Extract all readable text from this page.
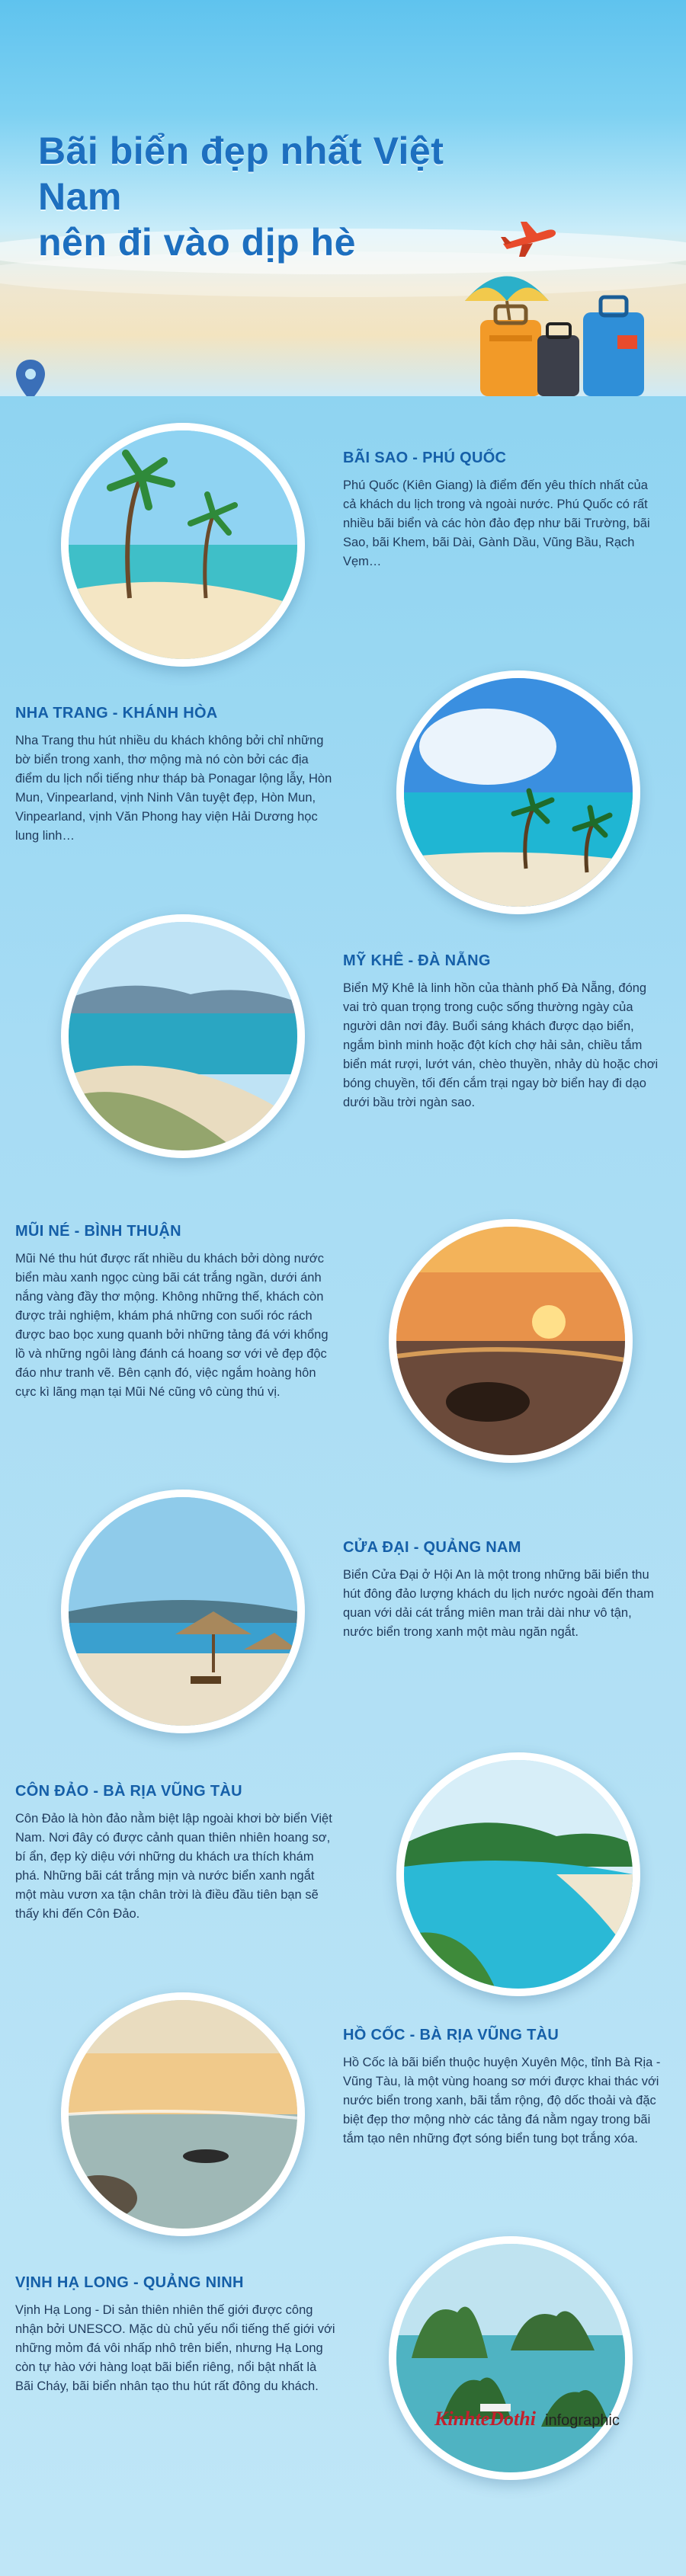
Bãi biển đẹp nhất Việt Nam
nên đi vào dịp hè
BÃI SAO - PHÚ QUỐC
Phú Quốc (Kiên Giang) là điểm đến yêu thích nhất của cả khách du lịch trong và ngoài nước. Phú Quốc có rất nhiều bãi biển và các hòn đảo đẹp như bãi Trường, bãi Sao, bãi Khem, bãi Dài, Gành Dầu, Vũng Bầu, Rạch Vẹm…
NHA TRANG - KHÁNH HÒA
Nha Trang thu hút nhiều du khách không bởi chỉ những bờ biển trong xanh, thơ mộng mà nó còn bởi các địa điểm du lịch nổi tiếng như tháp bà Ponagar lộng lẫy, Hòn Mun, Vinpearland, vịnh Ninh Vân tuyệt đẹp, Hòn Mun, Vinpearland, vịnh Văn Phong hay viện Hải Dương học lung linh…
MỸ KHÊ - ĐÀ NẴNG
Biển Mỹ Khê là linh hồn của thành phố Đà Nẵng, đóng vai trò quan trọng trong cuộc sống thường ngày của người dân nơi đây. Buổi sáng khách được dạo biển, ngắm bình minh hoặc đột kích chợ hải sản, chiều tắm biển mát rượi, lướt ván, chèo thuyền, nhảy dù hoặc chơi bóng chuyền, tối đến cắm trại ngay bờ biển hay đi dạo dưới bầu trời ngàn sao.
MŨI NÉ - BÌNH THUẬN
Mũi Né thu hút được rất nhiều du khách bởi dòng nước biển màu xanh ngọc cùng bãi cát trắng ngần, dưới ánh nắng vàng đầy thơ mộng. Không những thế, khách còn được trải nghiệm, khám phá những con suối róc rách được bao bọc xung quanh bởi những tảng đá với khổng lồ và những ngôi làng đánh cá hoang sơ với vẻ đẹp độc đáo như tranh vẽ. Bên cạnh đó, việc ngắm hoàng hôn cực kì lãng mạn tại Mũi Né cũng vô cùng thú vị.
CỬA ĐẠI - QUẢNG NAM
Biển Cửa Đại ở Hội An là một trong những bãi biển thu hút đông đảo lượng khách du lịch nước ngoài đến tham quan với dải cát trắng miên man trải dài như vô tận, nước biển trong xanh một màu ngăn ngắt.
CÔN ĐẢO - BÀ RỊA VŨNG TÀU
Côn Đảo là hòn đảo nằm biệt lập ngoài khơi bờ biển Việt Nam. Nơi đây có được cảnh quan thiên nhiên hoang sơ, bí ẩn, đẹp kỳ diệu với những du khách ưa thích khám phá. Những bãi cát trắng mịn và nước biển xanh ngắt một màu vươn xa tận chân trời là điều đầu tiên bạn sẽ thấy khi đến Côn Đảo.
HỒ CỐC - BÀ RỊA VŨNG TÀU
Hồ Cốc là bãi biển thuộc huyện Xuyên Mộc, tỉnh Bà Rịa - Vũng Tàu, là một vùng hoang sơ mới được khai thác với nước biển trong xanh, bãi tắm rộng, độ dốc thoải và đặc biệt đẹp thơ mộng nhờ các tảng đá nằm ngay trong bãi tắm tạo nên những đợt sóng biển tung bọt trắng xóa.
VỊNH HẠ LONG - QUẢNG NINH
Vịnh Hạ Long - Di sản thiên nhiên thế giới được công nhận bởi UNESCO. Mặc dù chủ yếu nổi tiếng thế giới với những mỏm đá vôi nhấp nhô trên biển, nhưng Hạ Long còn tự hào với hàng loạt bãi biển riêng, nổi bật nhất là Bãi Cháy, bãi biển nhân tạo thu hút rất đông du khách.
KinhteDothi infographic
